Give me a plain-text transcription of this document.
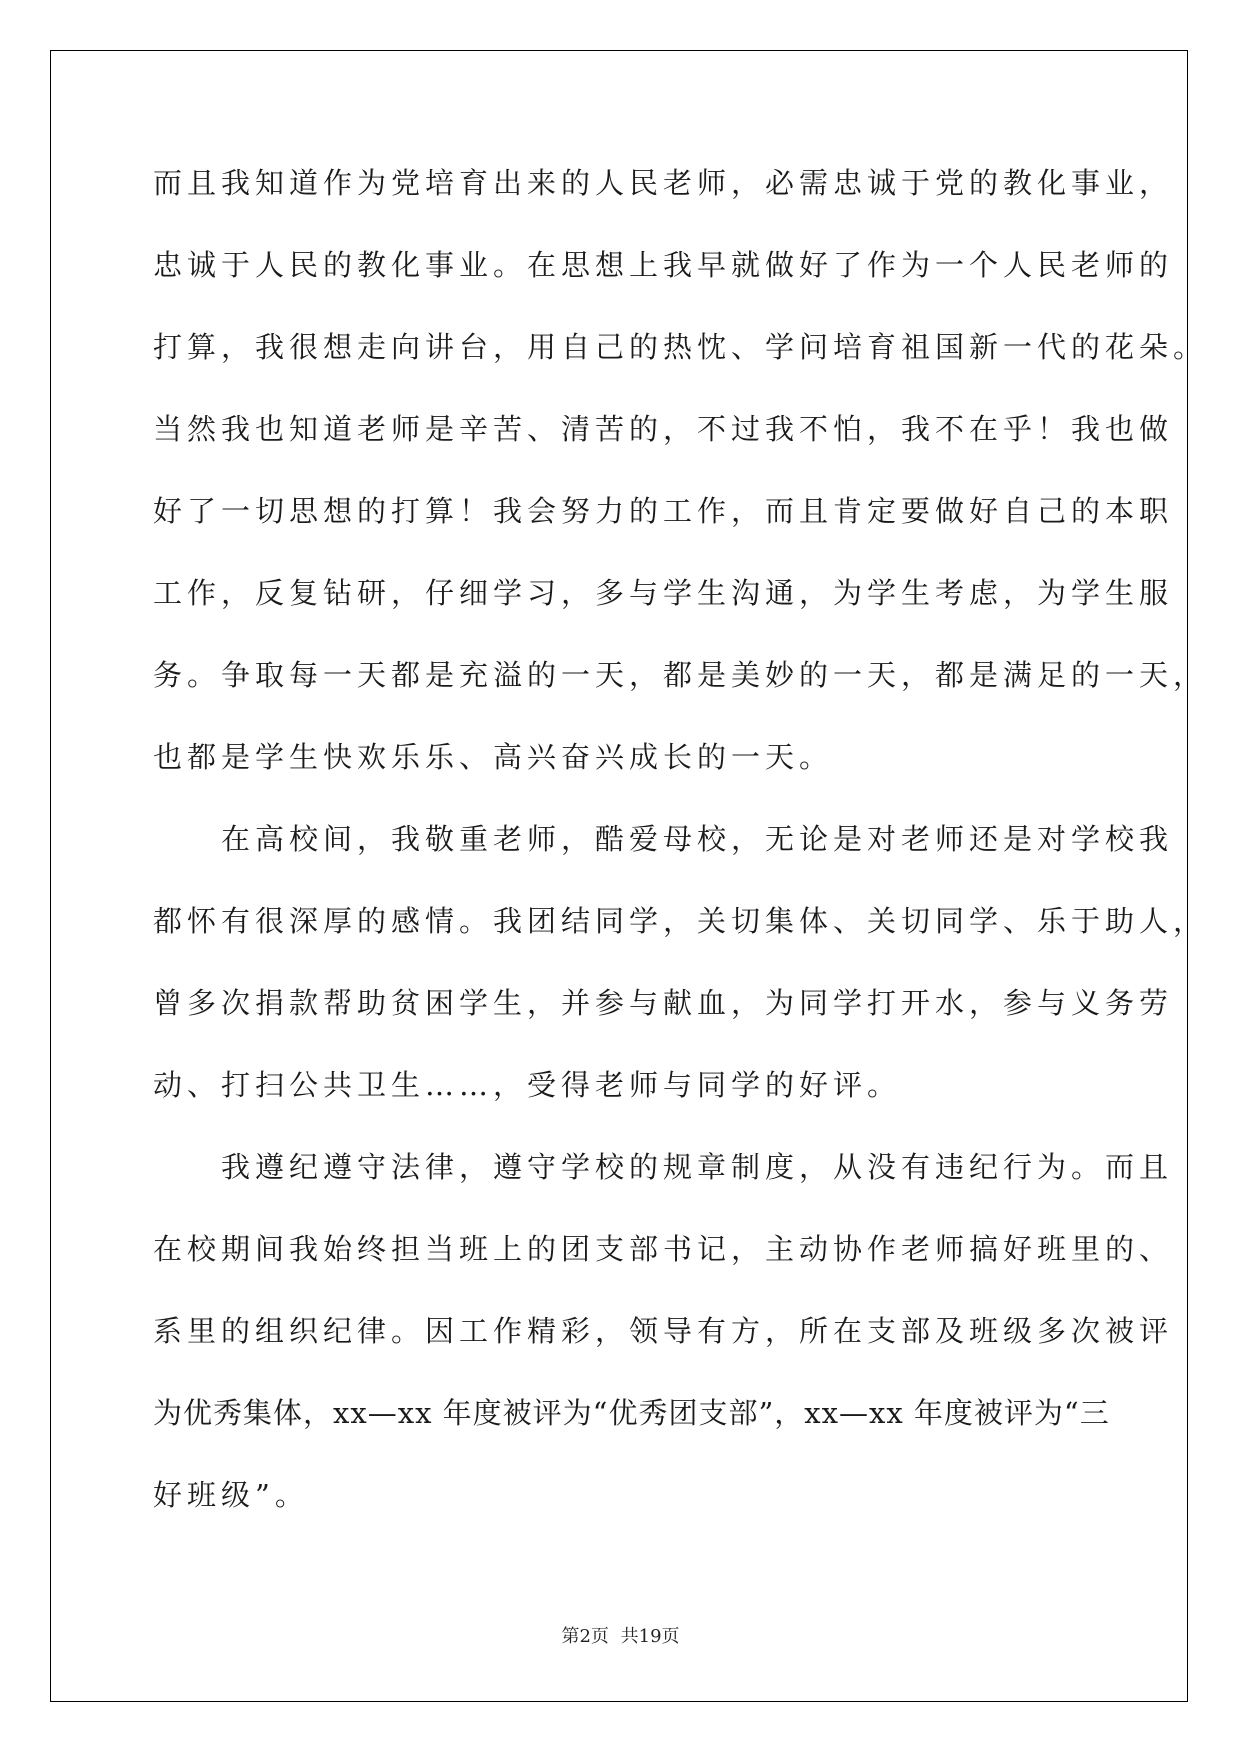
而且我知道作为党培育出来的人民老师，必需忠诚于党的教化事业，
忠诚于人民的教化事业。在思想上我早就做好了作为一个人民老师的
打算，我很想走向讲台，用自己的热忱、学问培育祖国新一代的花朵。
当然我也知道老师是辛苦、清苦的，不过我不怕，我不在乎！我也做
好了一切思想的打算！我会努力的工作，而且肯定要做好自己的本职
工作，反复钻研，仔细学习，多与学生沟通，为学生考虑，为学生服
务。争取每一天都是充溢的一天，都是美妙的一天，都是满足的一天，
也都是学生快欢乐乐、高兴奋兴成长的一天。
　　在高校间，我敬重老师，酷爱母校，无论是对老师还是对学校我
都怀有很深厚的感情。我团结同学，关切集体、关切同学、乐于助人，
曾多次捐款帮助贫困学生，并参与献血，为同学打开水，参与义务劳
动、打扫公共卫生……，受得老师与同学的好评。
　　我遵纪遵守法律，遵守学校的规章制度，从没有违纪行为。而且
在校期间我始终担当班上的团支部书记，主动协作老师搞好班里的、
系里的组织纪律。因工作精彩，领导有方，所在支部及班级多次被评
为优秀集体，xx—xx 年度被评为“优秀团支部”，xx—xx 年度被评为“三
好班级”。
第2页 共19页
